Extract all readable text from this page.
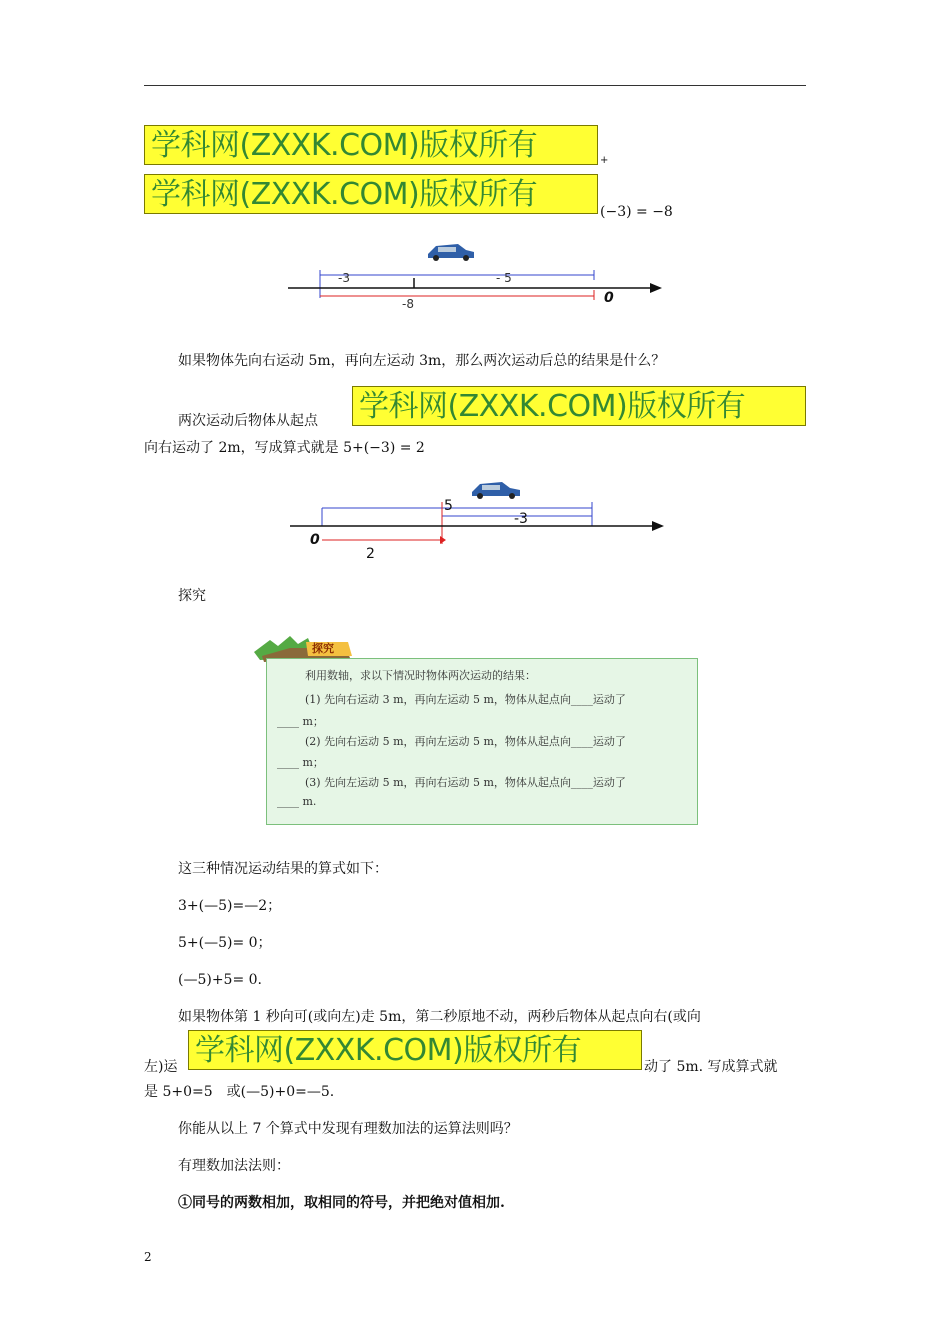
学科网(ZXXK.COM)版权所有	+
学科网(ZXXK.COM)版权所有	(−3) = −8
-3	- 5
-8	0
如果物体先向右运动 5m，再向左运动 3m，那么两次运动后总的结果是什么？
两次运动后物体从起点 学科网(ZXXK.COM)版权所有
向右运动了 2m，写成算式就是 5+(−3) = 2
5
-3
2
0
探究
探究
利用数轴，求以下情况时物体两次运动的结果：
(1) 先向右运动 3 m，再向左运动 5 m，物体从起点向____运动了
____ m；
(2) 先向右运动 5 m，再向左运动 5 m，物体从起点向____运动了
____ m；
(3) 先向左运动 5 m，再向右运动 5 m，物体从起点向____运动了
____ m.
这三种情况运动结果的算式如下：
3+(—5)=—2；
5+(—5)= 0；
(—5)+5= 0.
如果物体第 1 秒向可(或向左)走 5m，第二秒原地不动，两秒后物体从起点向右(或向
左)运 学科网(ZXXK.COM)版权所有	动了 5m. 写成算式就
是 5+0=5　或(—5)+0=—5.
你能从以上 7 个算式中发现有理数加法的运算法则吗？
有理数加法法则：
①同号的两数相加，取相同的符号，并把绝对值相加.
2
